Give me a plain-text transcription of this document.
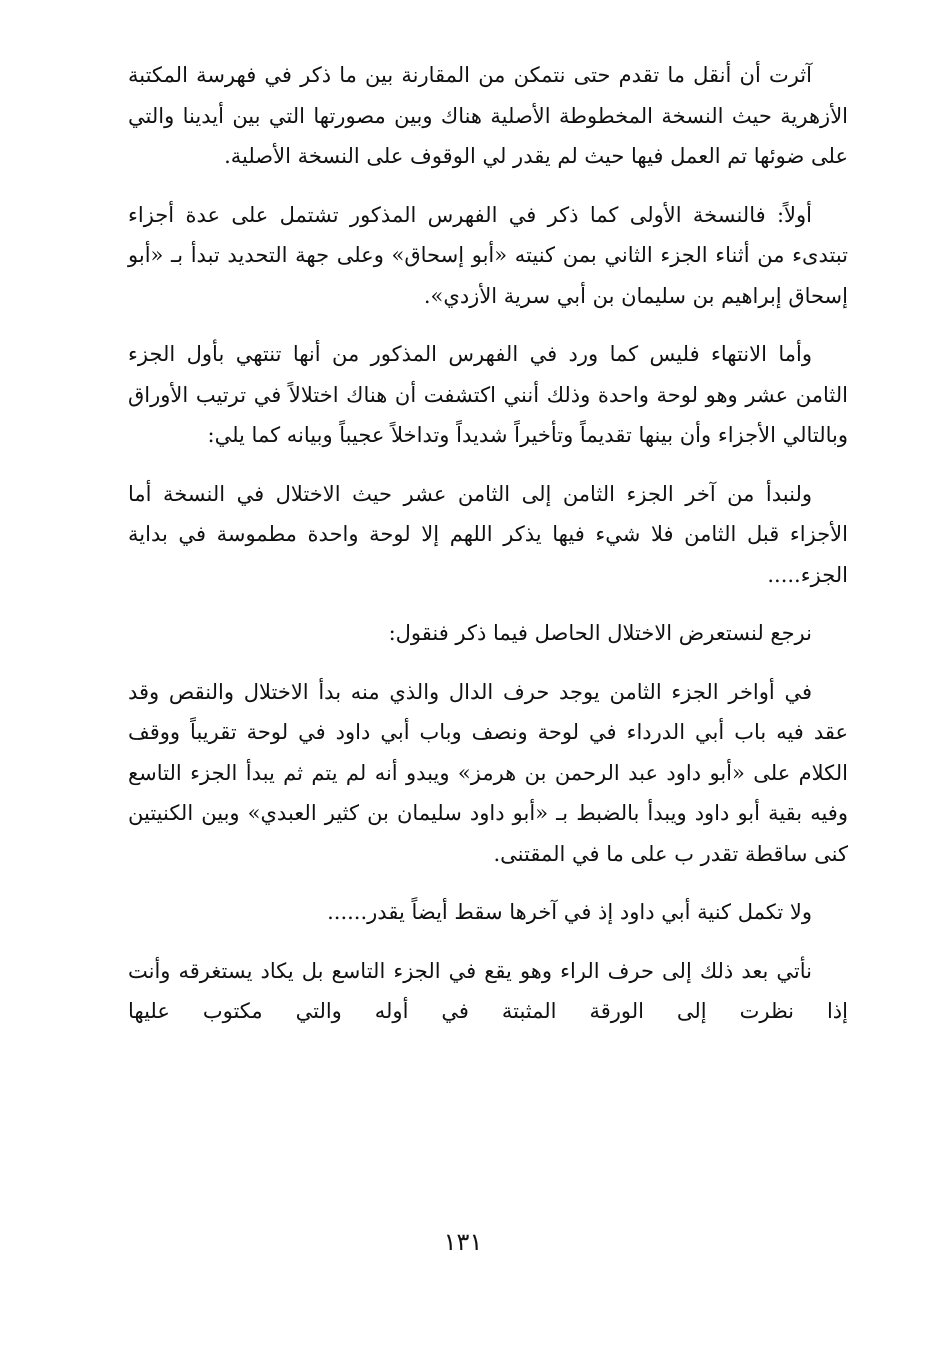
آثرت أن أنقل ما تقدم حتى نتمكن من المقارنة بين ما ذكر في فهرسة المكتبة الأزهرية حيث النسخة المخطوطة الأصلية هناك وبين مصورتها التي بين أيدينا والتي على ضوئها تم العمل فيها حيث لم يقدر لي الوقوف على النسخة الأصلية.

أولاً: فالنسخة الأولى كما ذكر في الفهرس المذكور تشتمل على عدة أجزاء تبتدىء من أثناء الجزء الثاني بمن كنيته «أبو إسحاق» وعلى جهة التحديد تبدأ بـ «أبو إسحاق إبراهيم بن سليمان بن أبي سرية الأزدي».

وأما الانتهاء فليس كما ورد في الفهرس المذكور من أنها تنتهي بأول الجزء الثامن عشر وهو لوحة واحدة وذلك أنني اكتشفت أن هناك اختلالاً في ترتيب الأوراق وبالتالي الأجزاء وأن بينها تقديماً وتأخيراً شديداً وتداخلاً عجيباً وبيانه كما يلي:

ولنبدأ من آخر الجزء الثامن إلى الثامن عشر حيث الاختلال في النسخة أما الأجزاء قبل الثامن فلا شيء فيها يذكر اللهم إلا لوحة واحدة مطموسة في بداية الجزء.....

نرجع لنستعرض الاختلال الحاصل فيما ذكر فنقول:

في أواخر الجزء الثامن يوجد حرف الدال والذي منه بدأ الاختلال والنقص وقد عقد فيه باب أبي الدرداء في لوحة ونصف وباب أبي داود في لوحة تقريباً ووقف الكلام على «أبو داود عبد الرحمن بن هرمز» ويبدو أنه لم يتم ثم يبدأ الجزء التاسع وفيه بقية أبو داود ويبدأ بالضبط بـ «أبو داود سليمان بن كثير العبدي» وبين الكنيتين كنى ساقطة تقدر ب على ما في المقتنى.

ولا تكمل كنية أبي داود إذ في آخرها سقط أيضاً يقدر......

نأتي بعد ذلك إلى حرف الراء وهو يقع في الجزء التاسع بل يكاد يستغرقه وأنت إذا نظرت إلى الورقة المثبتة في أوله والتي مكتوب عليها

١٣١
